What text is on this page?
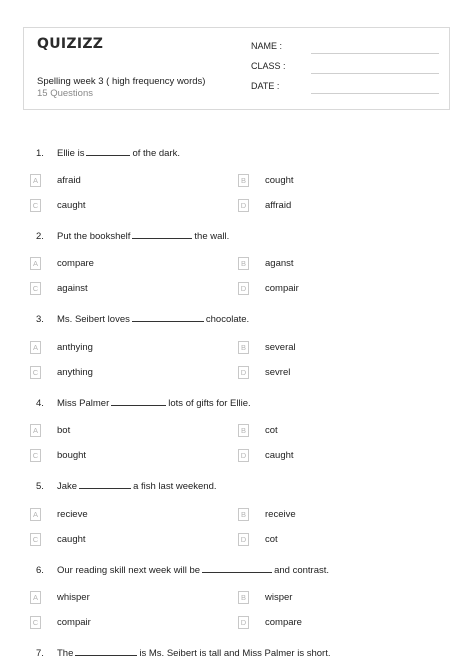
QUIZIZZ
Spelling week 3 ( high frequency words)
15 Questions
NAME :
CLASS :
DATE :
1. Ellie is	of the dark.
A	afraid	B	cought
C caught	D affraid
2. Put the bookshelf	the wall.
A	compare	B	aganst
C against	D compair
3. Ms. Seibert loves	chocolate.
A	anthying	B	several
C anything	D sevrel
4. Miss Palmer	lots of gifts for Ellie.
A	bot	B	cot
C bought	D caught
5. Jake	a fish last weekend.
A	recieve	B	receive
C caught	D cot
6. Our reading skill next week will be	and contrast.
A	whisper	B	wisper
C compair	D compare
7. The	is Ms. Seibert is tall and Miss Palmer is short.
